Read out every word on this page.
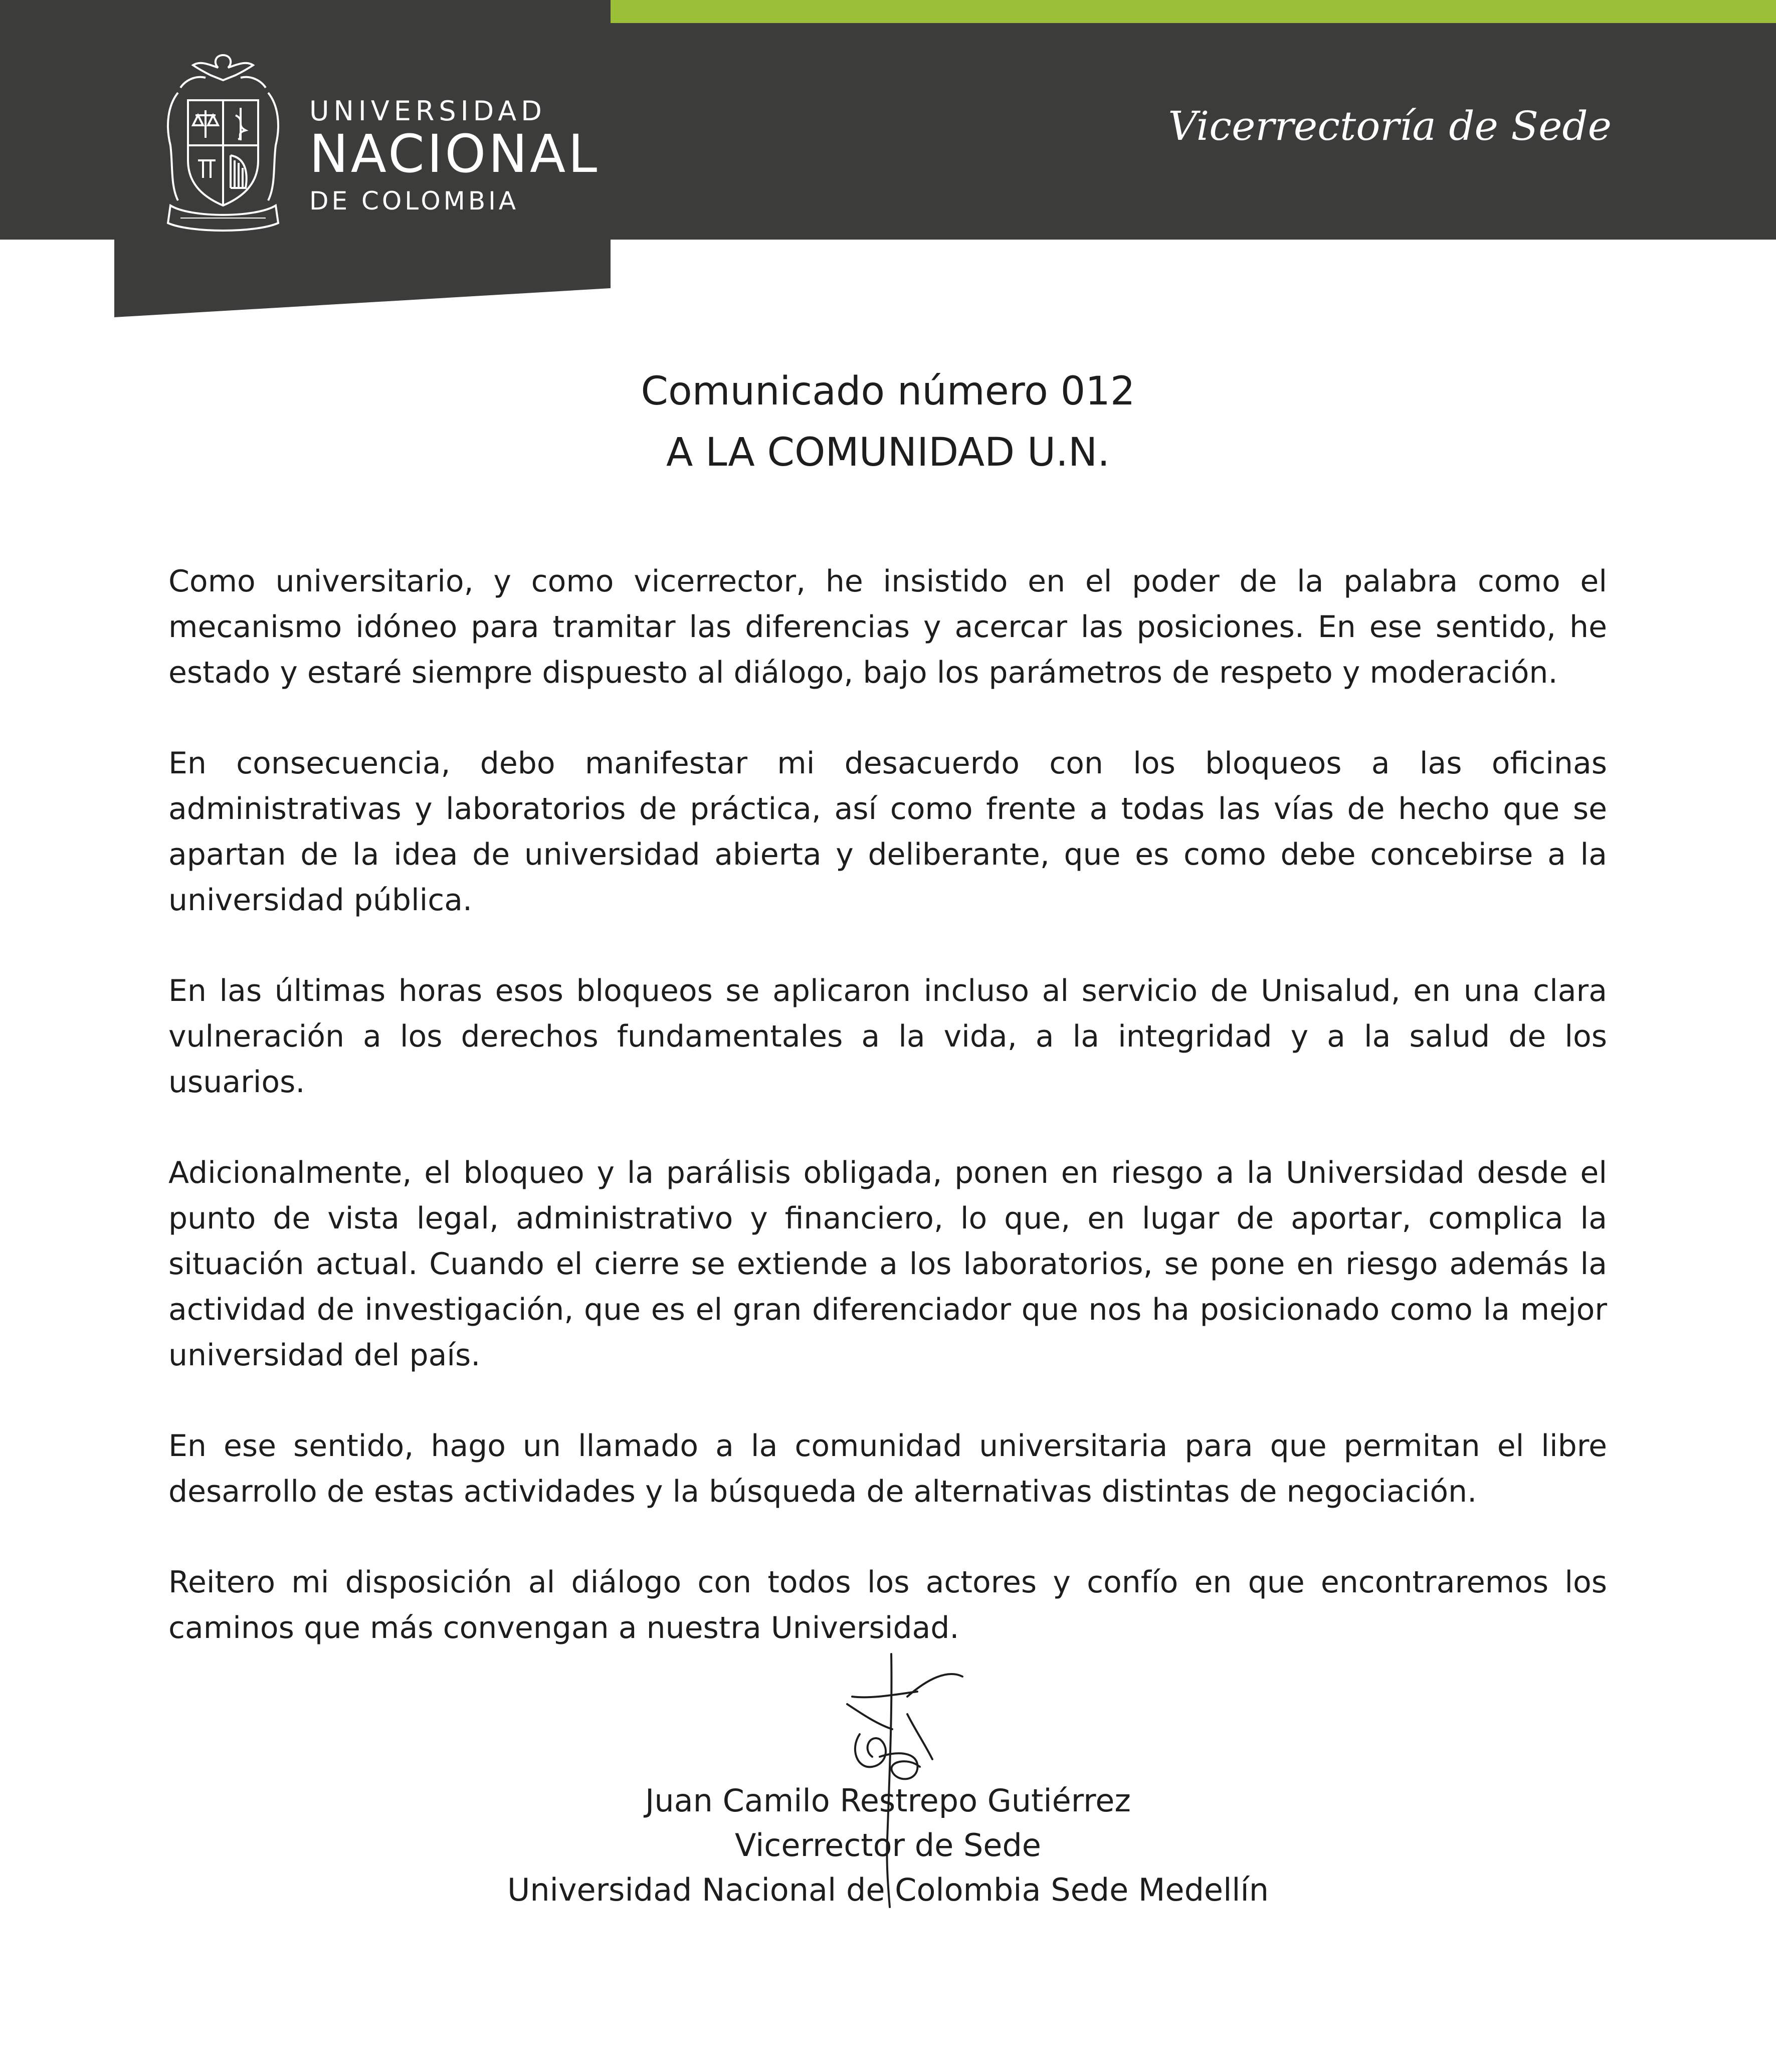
UNIVERSIDAD
NACIONAL
DE COLOMBIA
Vicerrectoría de Sede
Comunicado número 012
A LA COMUNIDAD U.N.

Como universitario, y como vicerrector, he insistido en el poder de la palabra como el mecanismo idóneo para tramitar las diferencias y acercar las posiciones. En ese sentido, he estado y estaré siempre dispuesto al diálogo, bajo los parámetros de respeto y moderación.

En consecuencia, debo manifestar mi desacuerdo con los bloqueos a las oficinas administrativas y laboratorios de práctica, así como frente a todas las vías de hecho que se apartan de la idea de universidad abierta y deliberante, que es como debe concebirse a la universidad pública.

En las últimas horas esos bloqueos se aplicaron incluso al servicio de Unisalud, en una clara vulneración a los derechos fundamentales a la vida, a la integridad y a la salud de los usuarios.

Adicionalmente, el bloqueo y la parálisis obligada, ponen en riesgo a la Universidad desde el punto de vista legal, administrativo y financiero, lo que, en lugar de aportar, complica la situación actual. Cuando el cierre se extiende a los laboratorios, se pone en riesgo además la actividad de investigación, que es el gran diferenciador que nos ha posicionado como la mejor universidad del país.

En ese sentido, hago un llamado a la comunidad universitaria para que permitan el libre desarrollo de estas actividades y la búsqueda de alternativas distintas de negociación.

Reitero mi disposición al diálogo con todos los actores y confío en que encontraremos los caminos que más convengan a nuestra Universidad.

Juan Camilo Restrepo Gutiérrez
Vicerrector de Sede
Universidad Nacional de Colombia Sede Medellín
